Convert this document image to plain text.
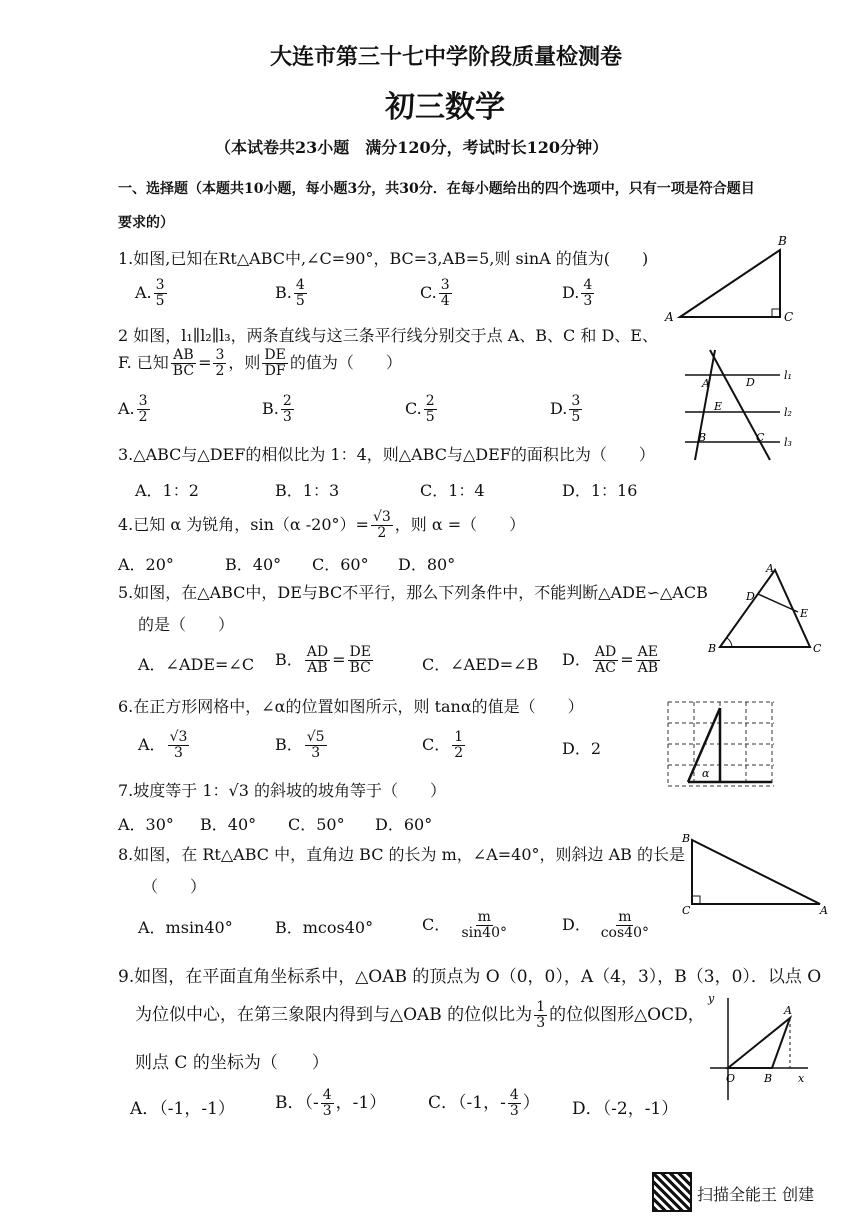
大连市第三十七中学阶段质量检测卷
初三数学
（本试卷共23小题　满分120分，考试时长120分钟）
一、选择题（本题共10小题，每小题3分，共30分．在每小题给出的四个选项中，只有一项是符合题目
要求的）
1.如图,已知在Rt△ABC中,∠C=90°，BC=3,AB=5,则 sinA 的值为(　　)
A. $\frac{3}{5}$	B. $\frac{4}{5}$	C. $\frac{3}{4}$	D. $\frac{4}{3}$
A
B
C
2 如图，l₁∥l₂∥l₃，两条直线与这三条平行线分别交于点 A、B、C 和 D、E、
F. 已知 $\frac{AB}{BC} = \frac{3}{2}$ ，则 $\frac{DE}{DF}$ 的值为（　　）
A. $\frac{3}{2}$	B. $\frac{2}{3}$	C. $\frac{2}{5}$	D. $\frac{3}{5}$
A	D
E
B	C
l₁
l₂
l₃
3.△ABC与△DEF的相似比为 1：4，则△ABC与△DEF的面积比为（　　）
A．1：2	B．1：3	C．1：4	D．1：16
4.已知 α 为锐角，sin（α $-20^\circ)= \frac{√3}{2}$ ，则 α =（　　）
A．20°	B．40° C．60° D．80°
5.如图，在△ABC中，DE与BC不平行，那么下列条件中，不能判断△ADE∽△ACB
的是（　　）
A．∠ADE=∠C B． $\frac{AD}{AB} = \frac{DE}{BC}$	C．∠AED=∠B D． $\frac{AD}{AC} = \frac{AE}{AB}$
A
D
E
B	C
6.在正方形网格中，∠α的位置如图所示，则 tanα的值是（　　）
A． $\frac{√3}{3}$	B． $\frac{√5}{3}$	C． $\frac{1}{2}$	D．2
α
7.坡度等于 1：√3 的斜坡的坡角等于（　　）
A．30° B．40° C．50° D．60°
8.如图，在 Rt△ABC 中，直角边 BC 的长为 m，∠A=40°，则斜边 AB 的长是
（　　）
A．msin40°	B．mcos40°	C． $\frac{m}{\sin 40^\circ}$	D． $\frac{m}{\cos 40^\circ}$
B
C	A
9.如图，在平面直角坐标系中，△OAB 的顶点为 O（0，0），A（4，3），B（3，0）．以点 O
为位似中心，在第三象限内得到与△OAB 的位似比为 $\frac{1}{3}$ 的位似图形△OCD，
则点 C 的坐标为（　　）
A．（-1，-1） B．（- $\frac{4}{3}$ ，-1） C．（-1，- $\frac{4}{3}$ ） D．（-2，-1）
y
x
O	B
A
扫描全能王 创建
